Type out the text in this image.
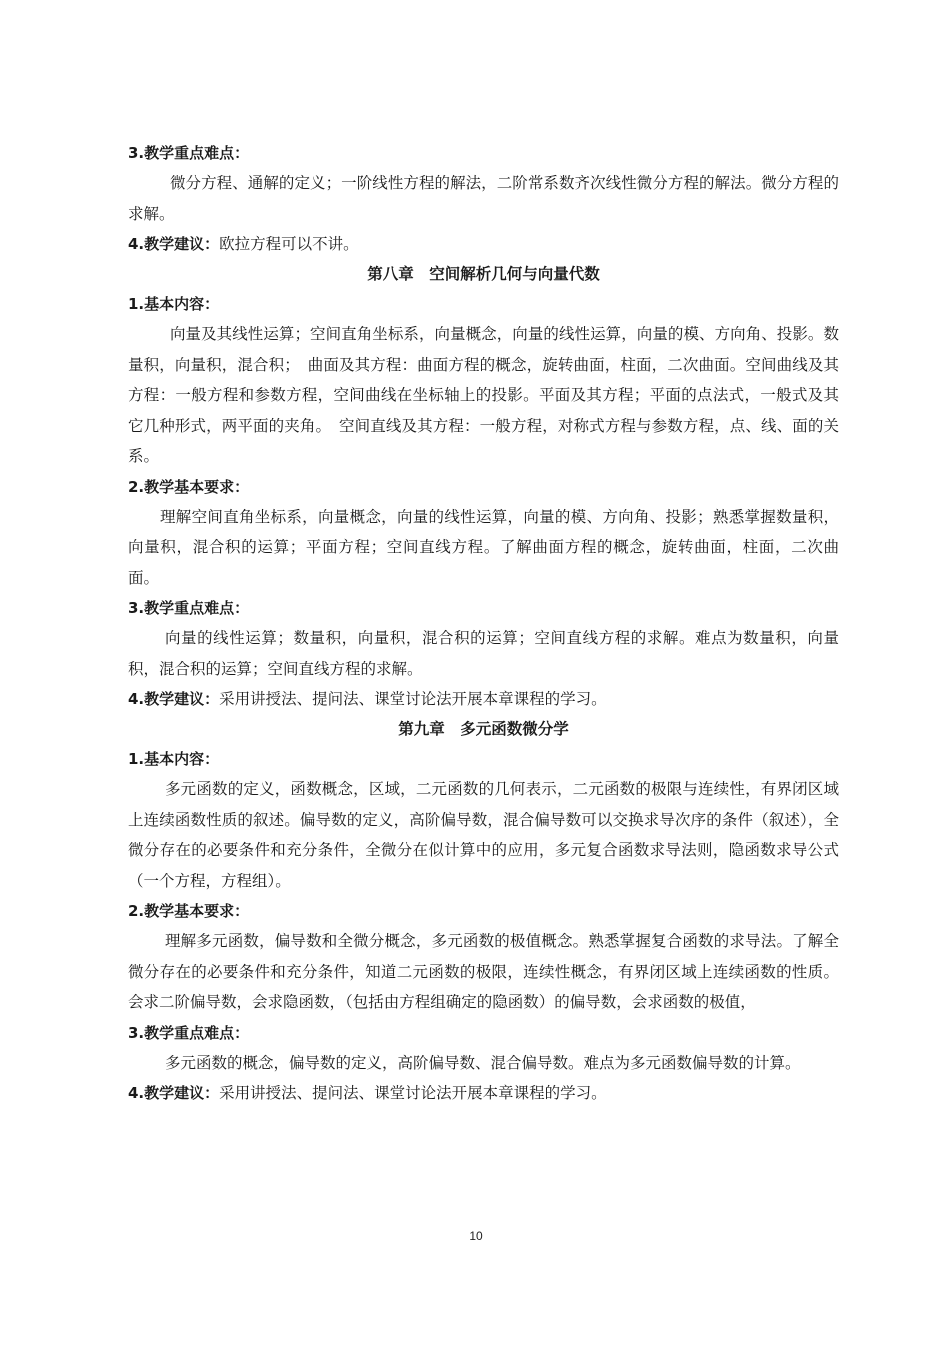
3.教学重点难点：

微分方程、通解的定义；一阶线性方程的解法，二阶常系数齐次线性微分方程的解法。微分方程的求解。

4.教学建议：欧拉方程可以不讲。
第八章　空间解析几何与向量代数
1.基本内容：

向量及其线性运算；空间直角坐标系，向量概念，向量的线性运算，向量的模、方向角、投影。数量积，向量积，混合积；　曲面及其方程：曲面方程的概念，旋转曲面，柱面，二次曲面。空间曲线及其方程：一般方程和参数方程，空间曲线在坐标轴上的投影。平面及其方程；平面的点法式，一般式及其它几种形式，两平面的夹角。　空间直线及其方程：一般方程，对称式方程与参数方程，点、线、面的关系。

2.教学基本要求：

理解空间直角坐标系，向量概念，向量的线性运算，向量的模、方向角、投影；熟悉掌握数量积，向量积，混合积的运算；平面方程；空间直线方程。了解曲面方程的概念，旋转曲面，柱面，二次曲面。

3.教学重点难点：

向量的线性运算；数量积，向量积，混合积的运算；空间直线方程的求解。难点为数量积，向量积，混合积的运算；空间直线方程的求解。

4.教学建议：采用讲授法、提问法、课堂讨论法开展本章课程的学习。
第九章　多元函数微分学
1.基本内容：

多元函数的定义，函数概念，区域，二元函数的几何表示，二元函数的极限与连续性，有界闭区域上连续函数性质的叙述。偏导数的定义，高阶偏导数，混合偏导数可以交换求导次序的条件（叙述），全微分存在的必要条件和充分条件，全微分在似计算中的应用，多元复合函数求导法则，隐函数求导公式（一个方程，方程组）。

2.教学基本要求：

理解多元函数，偏导数和全微分概念，多元函数的极值概念。熟悉掌握复合函数的求导法。了解全微分存在的必要条件和充分条件，知道二元函数的极限，连续性概念，有界闭区域上连续函数的性质。会求二阶偏导数，会求隐函数，（包括由方程组确定的隐函数）的偏导数，会求函数的极值，

3.教学重点难点：

多元函数的概念，偏导数的定义，高阶偏导数、混合偏导数。难点为多元函数偏导数的计算。

4.教学建议：采用讲授法、提问法、课堂讨论法开展本章课程的学习。
10
